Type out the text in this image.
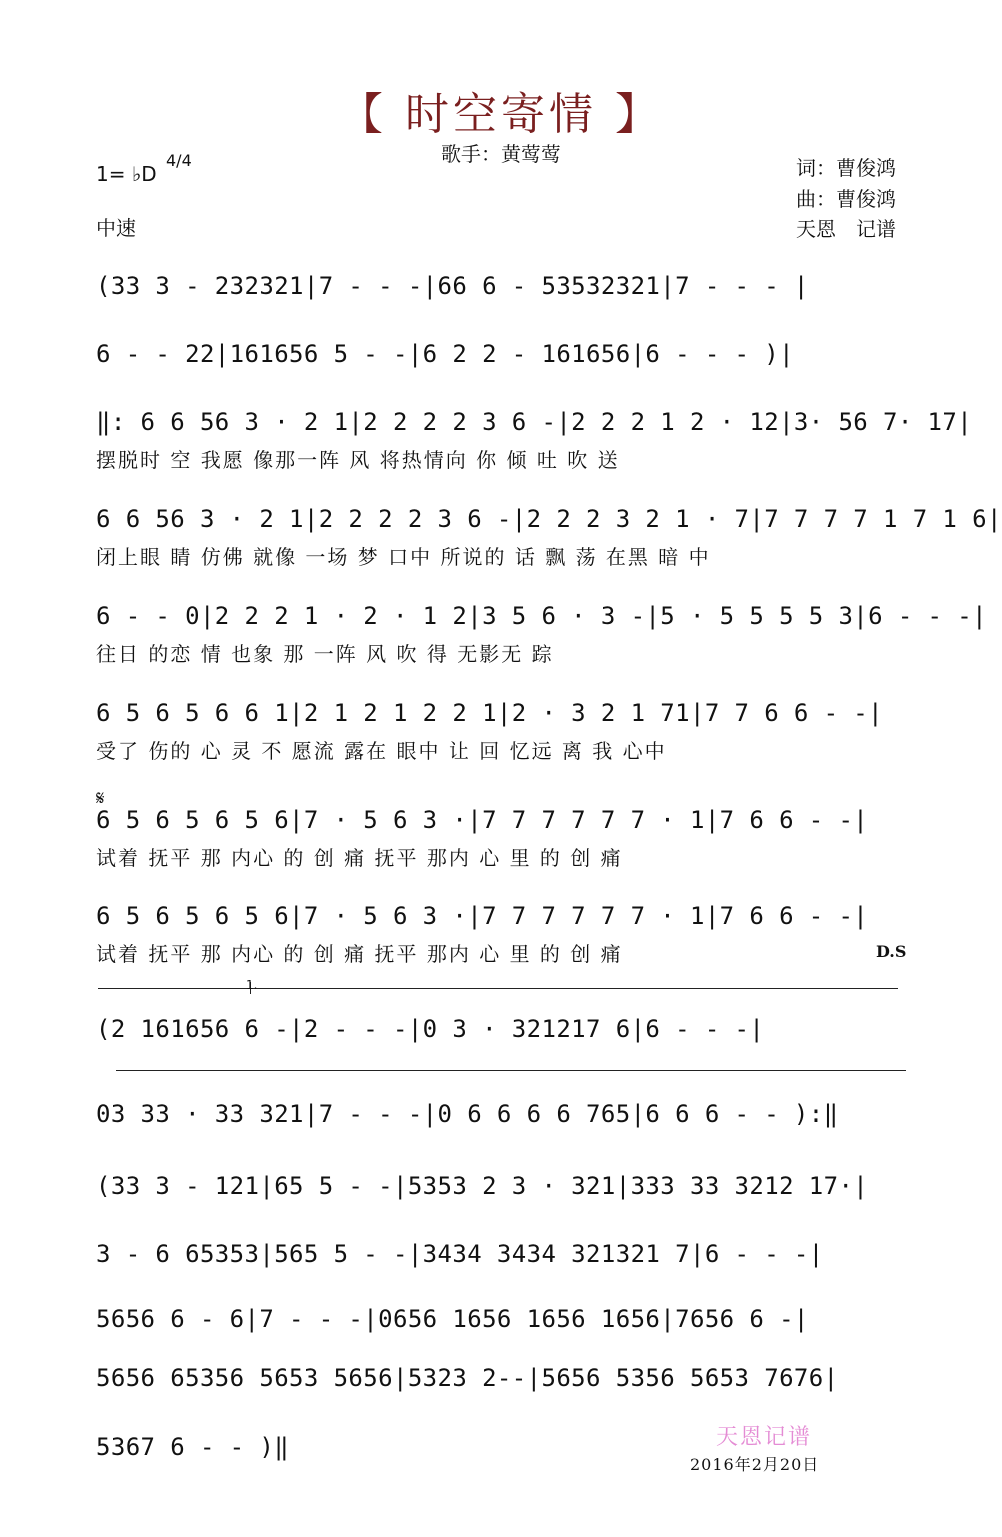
【 时空寄情 】
歌手：黄莺莺
1= ♭D
4/4
中速
词：曹俊鸿
曲：曹俊鸿
天恩　记谱
(33 3 - 232321|7 - - -|66 6 - 53532321|7 - - - |
6 - - 22|161656 5 - -|6 2 2 - 161656|6 - - - )|
‖: 6 6 56 3 · 2 1|2 2 2 2 3 6 -|2 2 2 1 2 · 12|3· 56 7· 17|
摆脱时 空 我愿 像那一阵 风 将热情向 你 倾 吐 吹 送
6 6 56 3 · 2 1|2 2 2 2 3 6 -|2 2 2 3 2 1 · 7|7 7 7 7 1 7 1 6|
闭上眼 睛 仿佛 就像 一场 梦 口中 所说的 话 飘 荡 在黑 暗 中
6 - - 0|2 2 2 1 · 2 · 1 2|3 5 6 · 3 -|5 · 5 5 5 5 3|6 - - -|
往日 的恋 情 也象 那 一阵 风 吹 得 无影无 踪
6 5 6 5 6 6 1|2 1 2 1 2 2 1|2 · 3 2 1 71|7 7 6 6 - -|
受了 伤的 心 灵 不 愿流 露在 眼中 让 回 忆远 离 我 心中
6 5 6 5 6 5 6|7 · 5 6 3 ·|7 7 7 7 7 7 · 1|7 6 6 - -|
试着 抚平 那 内心 的 创 痛 抚平 那内 心 里 的 创 痛
6 5 6 5 6 5 6|7 · 5 6 3 ·|7 7 7 7 7 7 · 1|7 6 6 - -|
试着 抚平 那 内心 的 创 痛 抚平 那内 心 里 的 创 痛
(2 161656 6 -|2 - - -|0 3 · 321217 6|6 - - -|
03 33 · 33 321|7 - - -|0 6 6 6 6 765|6 6 6 - - ):‖
(33 3 - 121|65 5 - -|5353 2 3 · 321|333 33 3212 17·|
3 - 6 65353|565 5 - -|3434 3434 321321 7|6 - - -|
5656 6 - 6|7 - - -|0656 1656 1656 1656|7656 6 -|
5656 65356 5653 5656|5323 2--|5656 5356 5653 7676|
5367 6 - - )‖
𝄋
D.S
1.
天恩记谱
2016年2月20日
